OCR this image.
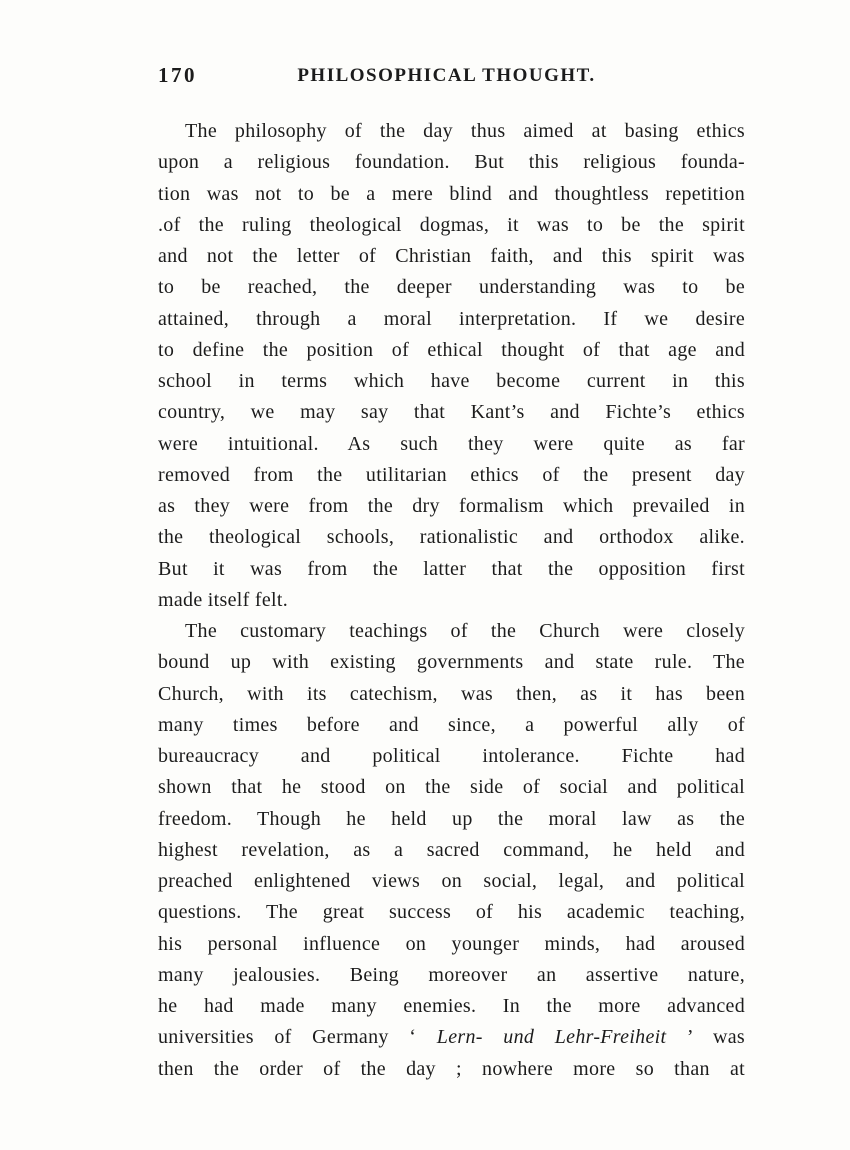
170	PHILOSOPHICAL THOUGHT.
The philosophy of the day thus aimed at basing ethics
upon a religious foundation. But this religious founda-
tion was not to be a mere blind and thoughtless repetition
.of the ruling theological dogmas, it was to be the spirit
and not the letter of Christian faith, and this spirit was
to be reached, the deeper understanding was to be
attained, through a moral interpretation. If we desire
to define the position of ethical thought of that age and
school in terms which have become current in this
country, we may say that Kant’s and Fichte’s ethics
were intuitional. As such they were quite as far
removed from the utilitarian ethics of the present day
as they were from the dry formalism which prevailed in
the theological schools, rationalistic and orthodox alike.
But it was from the latter that the opposition first
made itself felt.
The customary teachings of the Church were closely
bound up with existing governments and state rule. The
Church, with its catechism, was then, as it has been
many times before and since, a powerful ally of
bureaucracy and political intolerance. Fichte had
shown that he stood on the side of social and political
freedom. Though he held up the moral law as the
highest revelation, as a sacred command, he held and
preached enlightened views on social, legal, and political
questions. The great success of his academic teaching,
his personal influence on younger minds, had aroused
many jealousies. Being moreover an assertive nature,
he had made many enemies. In the more advanced
universities of Germany ‘ Lern- und Lehr-Freiheit ’ was
then the order of the day ; nowhere more so than at
